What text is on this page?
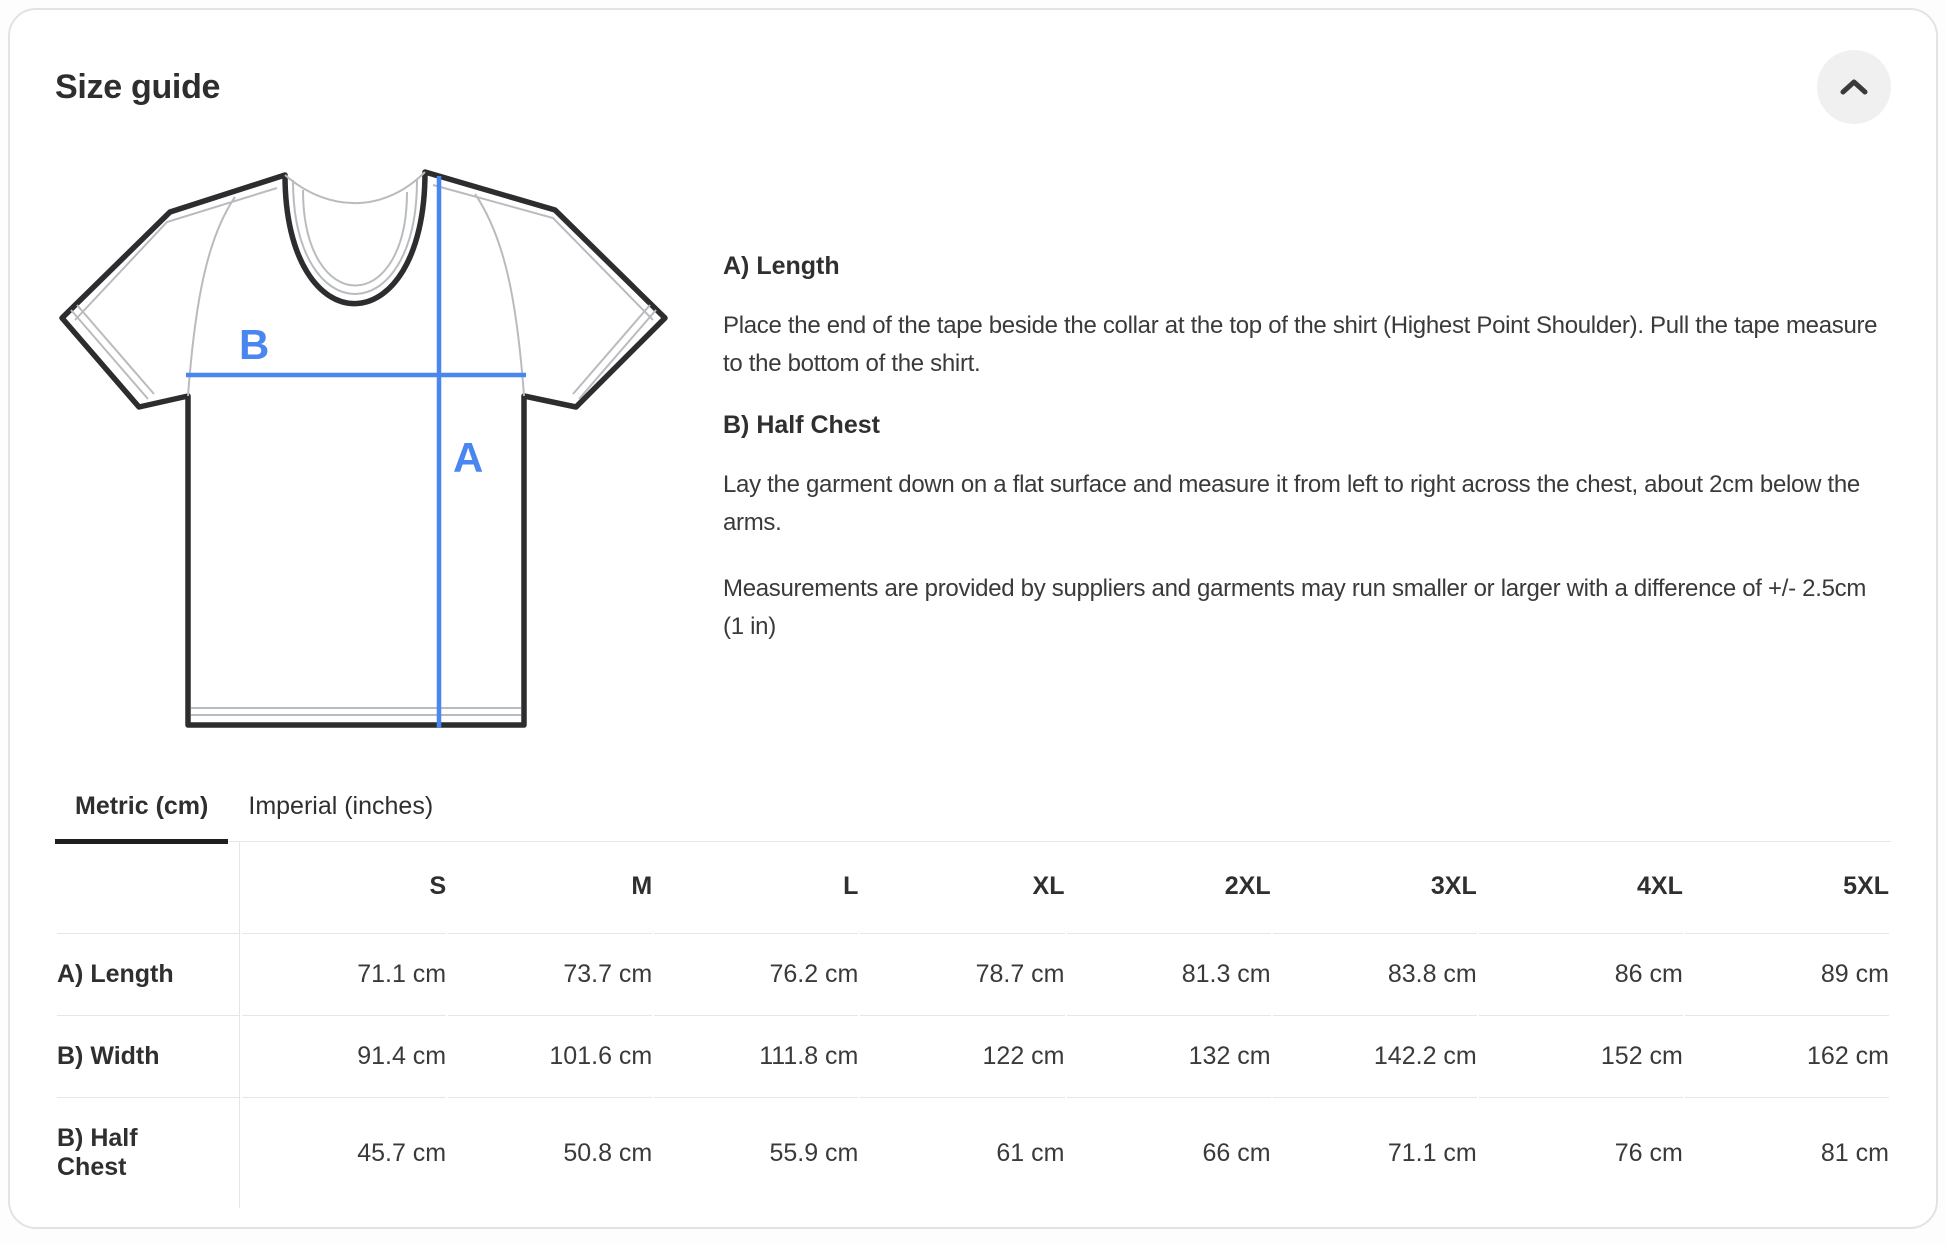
Size guide
B
A
A) Length

Place the end of the tape beside the collar at the top of the shirt (Highest Point Shoulder). Pull the tape measure to the bottom of the shirt.

B) Half Chest

Lay the garment down on a flat surface and measure it from left to right across the chest, about 2cm below the arms.

Measurements are provided by suppliers and garments may run smaller or larger with a difference of +/- 2.5cm (1 in)

Metric (cm)	Imperial (inches)
	S	M	L	XL	2XL	3XL	4XL	5XL
A) Length	71.1 cm	73.7 cm	76.2 cm	78.7 cm	81.3 cm	83.8 cm	86 cm	89 cm
B) Width	91.4 cm	101.6 cm	111.8 cm	122 cm	132 cm	142.2 cm	152 cm	162 cm
B) Half Chest	45.7 cm	50.8 cm	55.9 cm	61 cm	66 cm	71.1 cm	76 cm	81 cm
